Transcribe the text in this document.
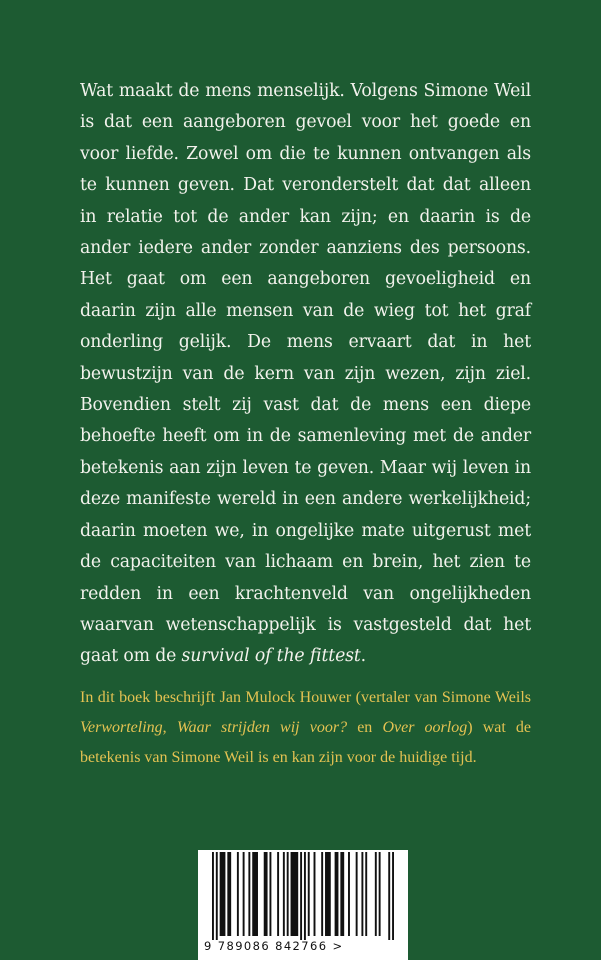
Wat maakt de mens menselijk. Volgens Simone Weil is dat een aangeboren gevoel voor het goede en voor liefde. Zowel om die te kunnen ontvangen als te kunnen geven. Dat veronderstelt dat dat alleen in relatie tot de ander kan zijn; en daarin is de ander iedere ander zonder aanziens des persoons. Het gaat om een aangeboren gevoeligheid en daarin zijn alle mensen van de wieg tot het graf onderling gelijk. De mens ervaart dat in het bewustzijn van de kern van zijn wezen, zijn ziel. Bovendien stelt zij vast dat de mens een diepe behoefte heeft om in de samenleving met de ander betekenis aan zijn leven te geven. Maar wij leven in deze manifeste wereld in een andere werkelijkheid; daarin moeten we, in ongelijke mate uitgerust met de capaciteiten van lichaam en brein, het zien te redden in een krachtenveld van ongelijkheden waarvan wetenschappelijk is vastgesteld dat het gaat om de survival of the fittest.

In dit boek beschrijft Jan Mulock Houwer (vertaler van Simone Weils Verworteling, Waar strijden wij voor? en Over oorlog) wat de betekenis van Simone Weil is en kan zijn voor de huidige tijd.

9 789086 842766 >
